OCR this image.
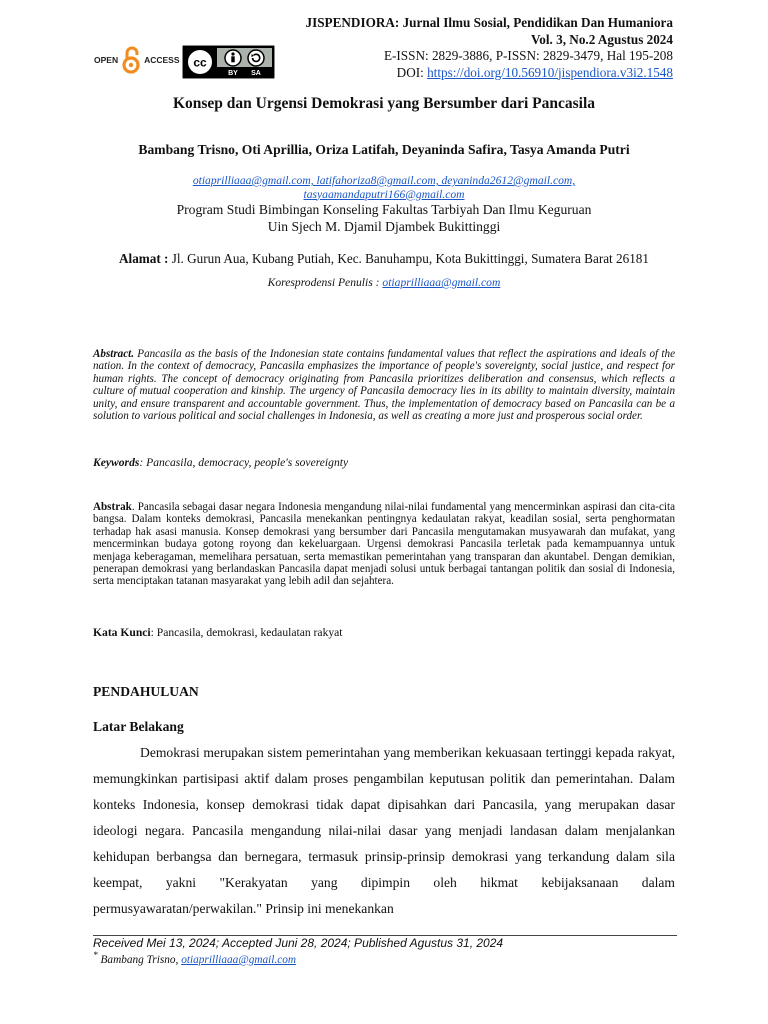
JISPENDIORA: Jurnal Ilmu Sosial, Pendidikan Dan Humaniora
Vol. 3, No.2 Agustus 2024
E-ISSN: 2829-3886, P-ISSN: 2829-3479, Hal 195-208
DOI: https://doi.org/10.56910/jispendiora.v3i2.1548
OPEN	ACCESS cc
BY SA
Konsep dan Urgensi Demokrasi yang Bersumber dari Pancasila
Bambang Trisno, Oti Aprillia, Oriza Latifah, Deyaninda Safira, Tasya Amanda Putri
otiaprilliaaa@gmail.com, latifahoriza8@gmail.com, deyaninda2612@gmail.com,
tasyaamandaputri166@gmail.com
Program Studi Bimbingan Konseling Fakultas Tarbiyah Dan Ilmu Keguruan
Uin Sjech M. Djamil Djambek Bukittinggi
Alamat : Jl. Gurun Aua, Kubang Putiah, Kec. Banuhampu, Kota Bukittinggi, Sumatera Barat 26181
Koresprodensi Penulis : otiaprilliaaa@gmail.com
Abstract. Pancasila as the basis of the Indonesian state contains fundamental values that reflect the aspirations and ideals of the nation. In the context of democracy, Pancasila emphasizes the importance of people's sovereignty, social justice, and respect for human rights. The concept of democracy originating from Pancasila prioritizes deliberation and consensus, which reflects a culture of mutual cooperation and kinship. The urgency of Pancasila democracy lies in its ability to maintain diversity, maintain unity, and ensure transparent and accountable government. Thus, the implementation of democracy based on Pancasila can be a solution to various political and social challenges in Indonesia, as well as creating a more just and prosperous social order.
Keywords: Pancasila, democracy, people's sovereignty
Abstrak. Pancasila sebagai dasar negara Indonesia mengandung nilai-nilai fundamental yang mencerminkan aspirasi dan cita-cita bangsa. Dalam konteks demokrasi, Pancasila menekankan pentingnya kedaulatan rakyat, keadilan sosial, serta penghormatan terhadap hak asasi manusia. Konsep demokrasi yang bersumber dari Pancasila mengutamakan musyawarah dan mufakat, yang mencerminkan budaya gotong royong dan kekeluargaan. Urgensi demokrasi Pancasila terletak pada kemampuannya untuk menjaga keberagaman, memelihara persatuan, serta memastikan pemerintahan yang transparan dan akuntabel. Dengan demikian, penerapan demokrasi yang berlandaskan Pancasila dapat menjadi solusi untuk berbagai tantangan politik dan sosial di Indonesia, serta menciptakan tatanan masyarakat yang lebih adil dan sejahtera.
Kata Kunci: Pancasila, demokrasi, kedaulatan rakyat
PENDAHULUAN
Latar Belakang
Demokrasi merupakan sistem pemerintahan yang memberikan kekuasaan tertinggi kepada rakyat, memungkinkan partisipasi aktif dalam proses pengambilan keputusan politik dan pemerintahan. Dalam konteks Indonesia, konsep demokrasi tidak dapat dipisahkan dari Pancasila, yang merupakan dasar ideologi negara. Pancasila mengandung nilai-nilai dasar yang menjadi landasan dalam menjalankan kehidupan berbangsa dan bernegara, termasuk prinsip-prinsip demokrasi yang terkandung dalam sila keempat, yakni "Kerakyatan yang dipimpin oleh hikmat kebijaksanaan dalam permusyawaratan/perwakilan." Prinsip ini menekankan
Received Mei 13, 2024; Accepted Juni 28, 2024; Published Agustus 31, 2024
* Bambang Trisno, otiaprilliaaa@gmail.com
